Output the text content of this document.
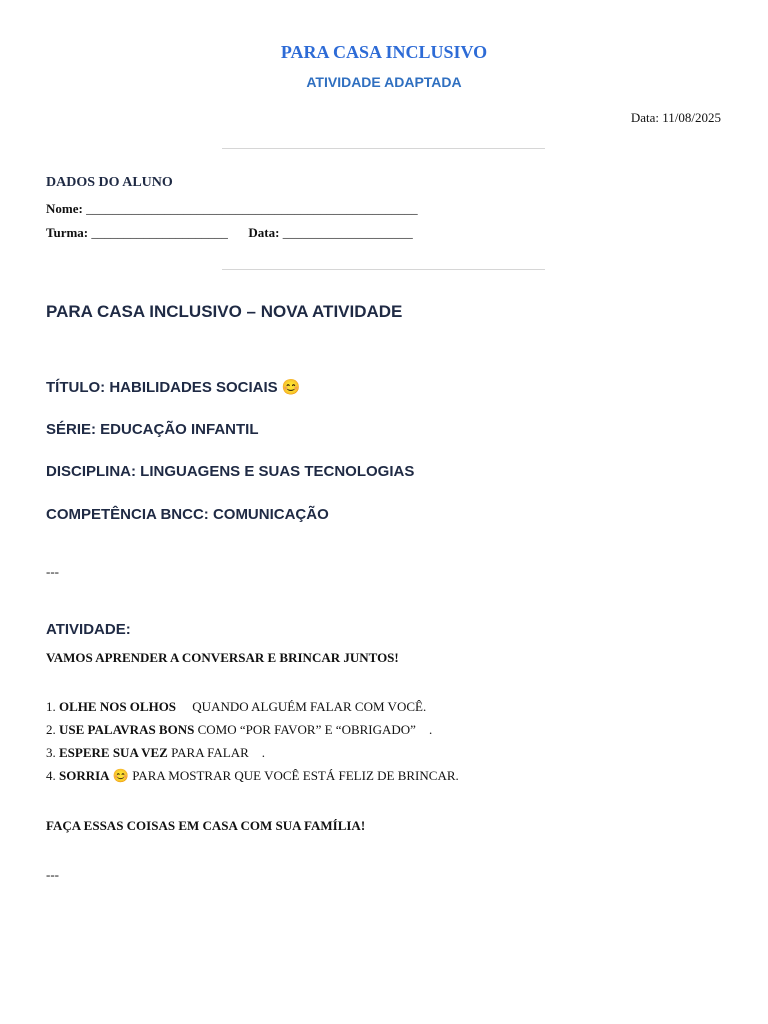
PARA CASA INCLUSIVO
ATIVIDADE ADAPTADA
Data: 11/08/2025
DADOS DO ALUNO
Nome: ___________________________________________________
Turma: _____________________ Data: ____________________
PARA CASA INCLUSIVO – NOVA ATIVIDADE
TÍTULO: HABILIDADES SOCIAIS 😊
SÉRIE: EDUCAÇÃO INFANTIL
DISCIPLINA: LINGUAGENS E SUAS TECNOLOGIAS
COMPETÊNCIA BNCC: COMUNICAÇÃO
---
ATIVIDADE:
VAMOS APRENDER A CONVERSAR E BRINCAR JUNTOS!
1. OLHE NOS OLHOS     QUANDO ALGUÉM FALAR COM VOCÊ.
2. USE PALAVRAS BONS COMO “POR FAVOR” E “OBRIGADO”    .
3. ESPERE SUA VEZ PARA FALAR    .
4. SORRIA 😊 PARA MOSTRAR QUE VOCÊ ESTÁ FELIZ DE BRINCAR.
FAÇA ESSAS COISAS EM CASA COM SUA FAMÍLIA!
---
